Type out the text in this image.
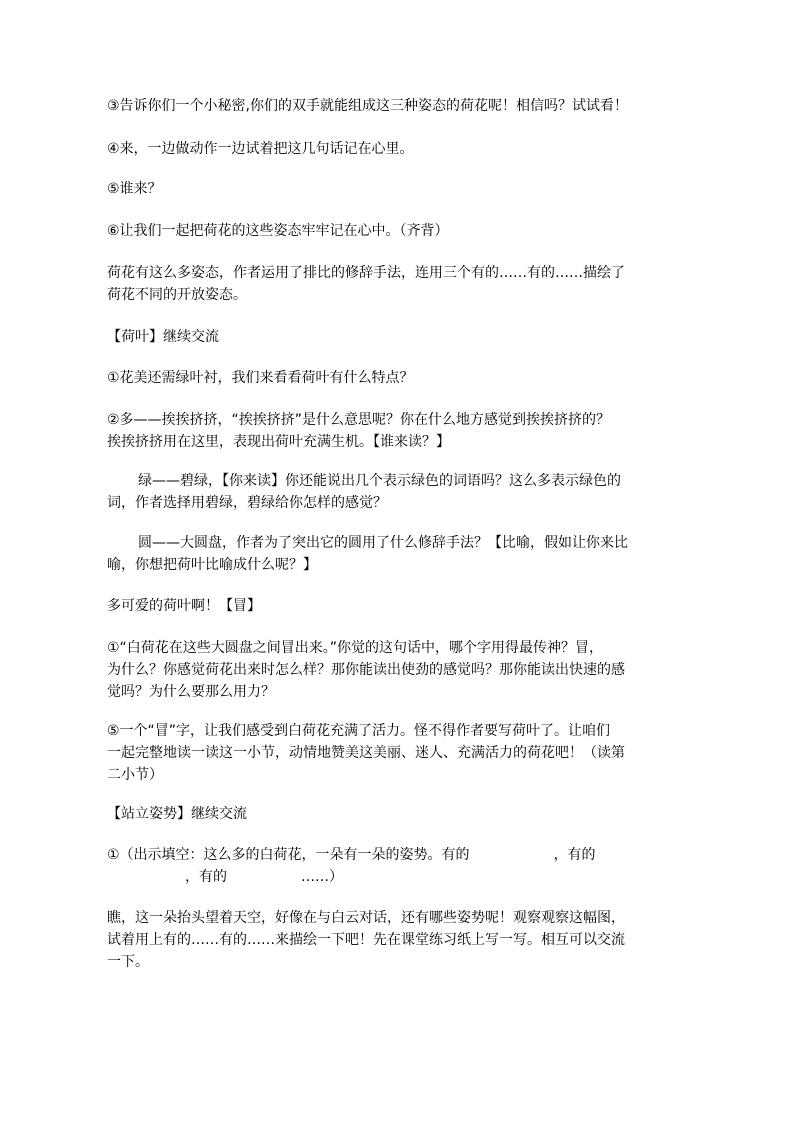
③告诉你们一个小秘密,你们的双手就能组成这三种姿态的荷花呢！相信吗？试试看！

④来，一边做动作一边试着把这几句话记在心里。

⑤谁来？

⑥让我们一起把荷花的这些姿态牢牢记在心中。（齐背）

荷花有这么多姿态，作者运用了排比的修辞手法，连用三个有的……有的……描绘了
荷花不同的开放姿态。

【荷叶】继续交流

①花美还需绿叶衬，我们来看看荷叶有什么特点？

②多——挨挨挤挤，“挨挨挤挤”是什么意思呢？你在什么地方感觉到挨挨挤挤的？
挨挨挤挤用在这里，表现出荷叶充满生机。【谁来读？】
绿——碧绿，【你来读】你还能说出几个表示绿色的词语吗？这么多表示绿色的
词，作者选择用碧绿，碧绿给你怎样的感觉？
圆——大圆盘，作者为了突出它的圆用了什么修辞手法？【比喻，假如让你来比
喻，你想把荷叶比喻成什么呢？】

多可爱的荷叶啊！【冒】

①“白荷花在这些大圆盘之间冒出来。”你觉的这句话中，哪个字用得最传神？冒，
为什么？你感觉荷花出来时怎么样？那你能读出使劲的感觉吗？那你能读出快速的感
觉吗？为什么要那么用力？
⑤一个“冒”字，让我们感受到白荷花充满了活力。怪不得作者要写荷叶了。让咱们
一起完整地读一读这一小节，动情地赞美这美丽、迷人、充满活力的荷花吧！（读第
二小节）

【站立姿势】继续交流

①（出示填空：这么多的白荷花，一朵有一朵的姿势。有的	，有的
，有的	……）
瞧，这一朵抬头望着天空，好像在与白云对话，还有哪些姿势呢！观察观察这幅图，
试着用上有的……有的……来描绘一下吧！先在课堂练习纸上写一写。相互可以交流
一下。
